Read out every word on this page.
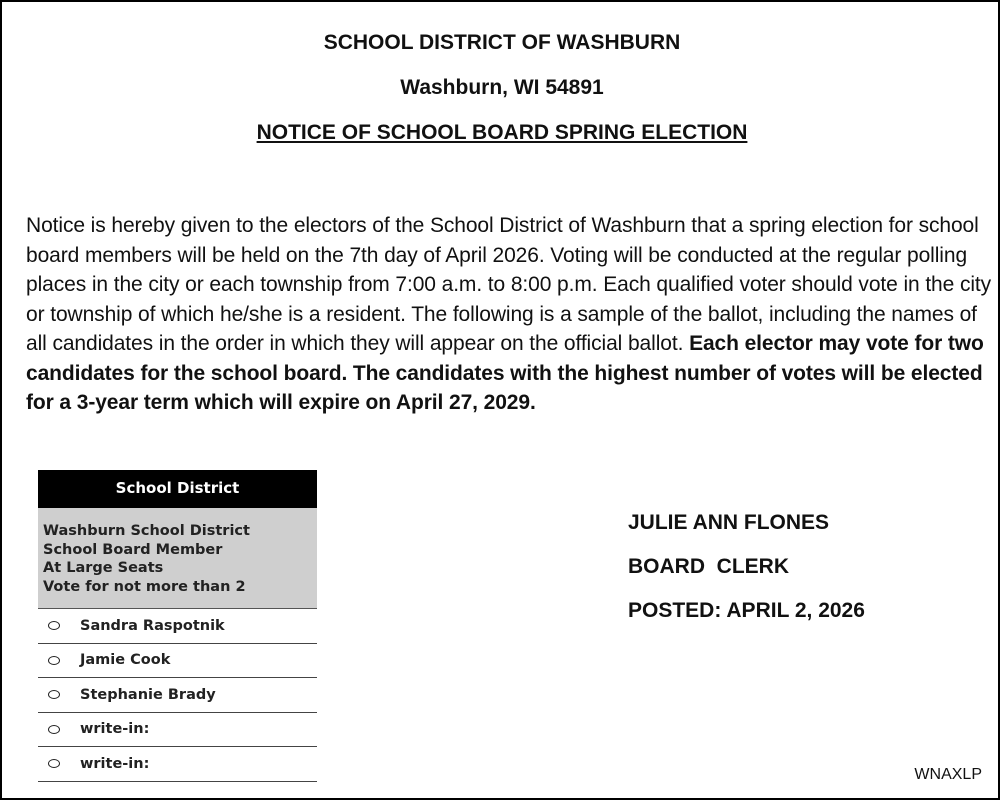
SCHOOL DISTRICT OF WASHBURN

Washburn, WI 54891

NOTICE OF SCHOOL BOARD SPRING ELECTION

Notice is hereby given to the electors of the School District of Washburn that a spring election for school board members will be held on the 7th day of April 2026. Voting will be conducted at the regular polling places in the city or each township from 7:00 a.m. to 8:00 p.m. Each qualified voter should vote in the city or township of which he/she is a resident. The following is a sample of the ballot, including the names of all candidates in the order in which they will appear on the official ballot. Each elector may vote for two candidates for the school board. The candidates with the highest number of votes will be elected for a 3-year term which will expire on April 27, 2029.

School District
Washburn School District
School Board Member
At Large Seats
Vote for not more than 2
Sandra Raspotnik
Jamie Cook
Stephanie Brady
write-in:
write-in:

JULIE ANN FLONES

BOARD  CLERK

POSTED: APRIL 2, 2026

WNAXLP
